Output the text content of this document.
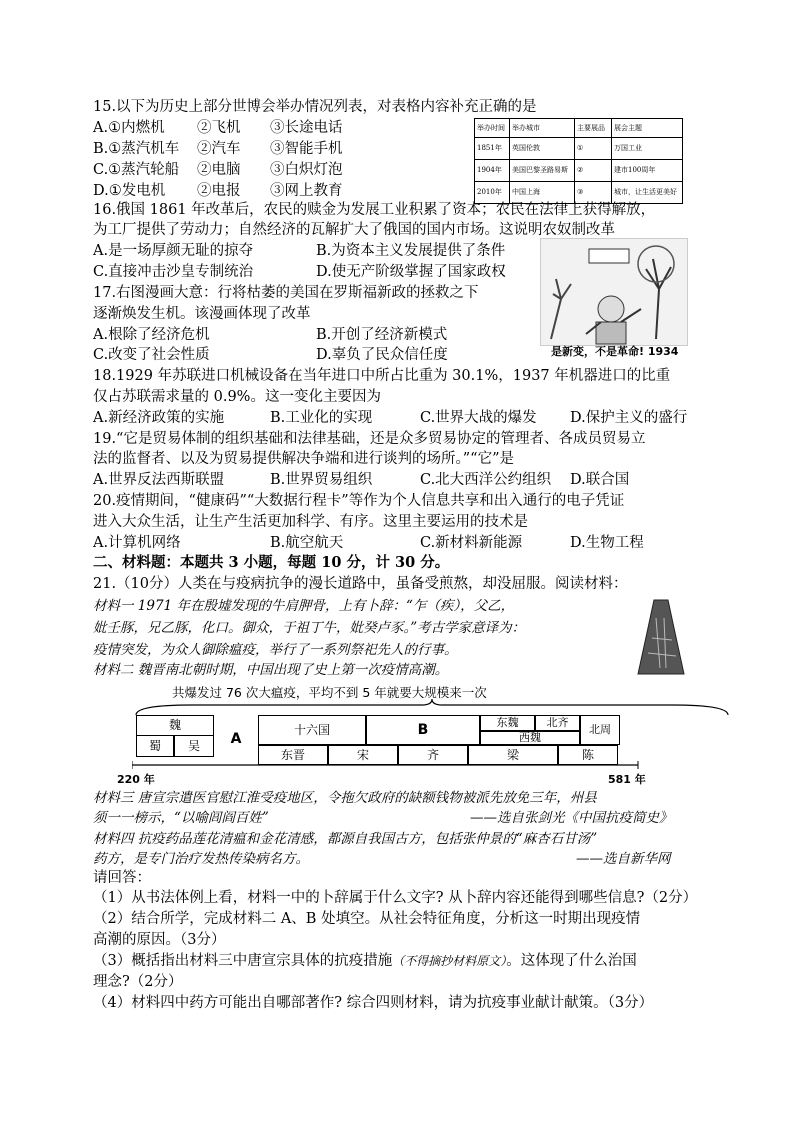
15.以下为历史上部分世博会举办情况列表，对表格内容补充正确的是
A.①内燃机 ②飞机 ③长途电话
B.①蒸汽机车 ②汽车 ③智能手机
C.①蒸汽轮船 ②电脑 ③白炽灯泡
D.①发电机 ②电报 ③网上教育
举办时间	举办城市	主要展品	展会主题
1851年	英国伦敦	①	万国工业
1904年	美国巴黎圣路易斯	②	建市100周年
2010年	中国上海	③	城市，让生活更美好
16.俄国 1861 年改革后，农民的赎金为发展工业积累了资本；农民在法律上获得解放，
为工厂提供了劳动力；自然经济的瓦解扩大了俄国的国内市场。这说明农奴制改革
A.是一场厚颜无耻的掠夺	B.为资本主义发展提供了条件
C.直接冲击沙皇专制统治	D.使无产阶级掌握了国家政权
是新变，不是革命! 1934
17.右图漫画大意：行将枯萎的美国在罗斯福新政的拯救之下
逐渐焕发生机。该漫画体现了改革
A.根除了经济危机	B.开创了经济新模式
C.改变了社会性质	D.辜负了民众信任度
18.1929 年苏联进口机械设备在当年进口中所占比重为 30.1%，1937 年机器进口的比重
仅占苏联需求量的 0.9%。这一变化主要因为
A.新经济政策的实施	B.工业化的实现	C.世界大战的爆发 D.保护主义的盛行
19.“它是贸易体制的组织基础和法律基础，还是众多贸易协定的管理者、各成员贸易立
法的监督者、以及为贸易提供解决争端和进行谈判的场所。”“它”是
A.世界反法西斯联盟	B.世界贸易组织	C.北大西洋公约组织 D.联合国
20.疫情期间，“健康码”“大数据行程卡”等作为个人信息共享和出入通行的电子凭证
进入大众生活，让生产生活更加科学、有序。这里主要运用的技术是
A.计算机网络	B.航空航天	C.新材料新能源	D.生物工程
二、材料题：本题共 3 小题，每题 10 分，计 30 分。
21.（10分）人类在与疫病抗争的漫长道路中，虽备受煎熬，却没屈服。阅读材料：
材料一 1971 年在殷墟发现的牛肩胛骨，上有卜辞：“乍（疾），父乙，
妣壬豚，兄乙豚，化口。御众，于祖丁牛，妣癸卢豕。”考古学家意译为：
疫情突发，为众人御除瘟疫，举行了一系列祭祀先人的行事。
材料二 魏晋南北朝时期，中国出现了史上第一次疫情高潮。
共爆发过 76 次大瘟疫，平均不到 5 年就要大规模来一次
魏
蜀	吴	A
十六国	B	东魏	北齐
北周
西魏
东晋	宋	齐	梁	陈
220 年	581 年
材料三 唐宣宗遣医官慰江淮受疫地区，令拖欠政府的缺额钱物被派先放免三年，州县
须一一榜示，“以喻闾阎百姓”	——选自张剑光《中国抗疫简史》
材料四 抗疫药品莲花清瘟和金花清感，都源自我国古方，包括张仲景的“麻杏石甘汤”
药方，是专门治疗发热传染病名方。	——选自新华网
请回答：
（1）从书法体例上看，材料一中的卜辞属于什么文字? 从卜辞内容还能得到哪些信息?（2分）
（2）结合所学，完成材料二 A、B 处填空。从社会特征角度，分析这一时期出现疫情
高潮的原因。（3分）
（3）概括指出材料三中唐宣宗具体的抗疫措施（不得摘抄材料原文）。这体现了什么治国
理念?（2分）
（4）材料四中药方可能出自哪部著作? 综合四则材料，请为抗疫事业献计献策。（3分）
